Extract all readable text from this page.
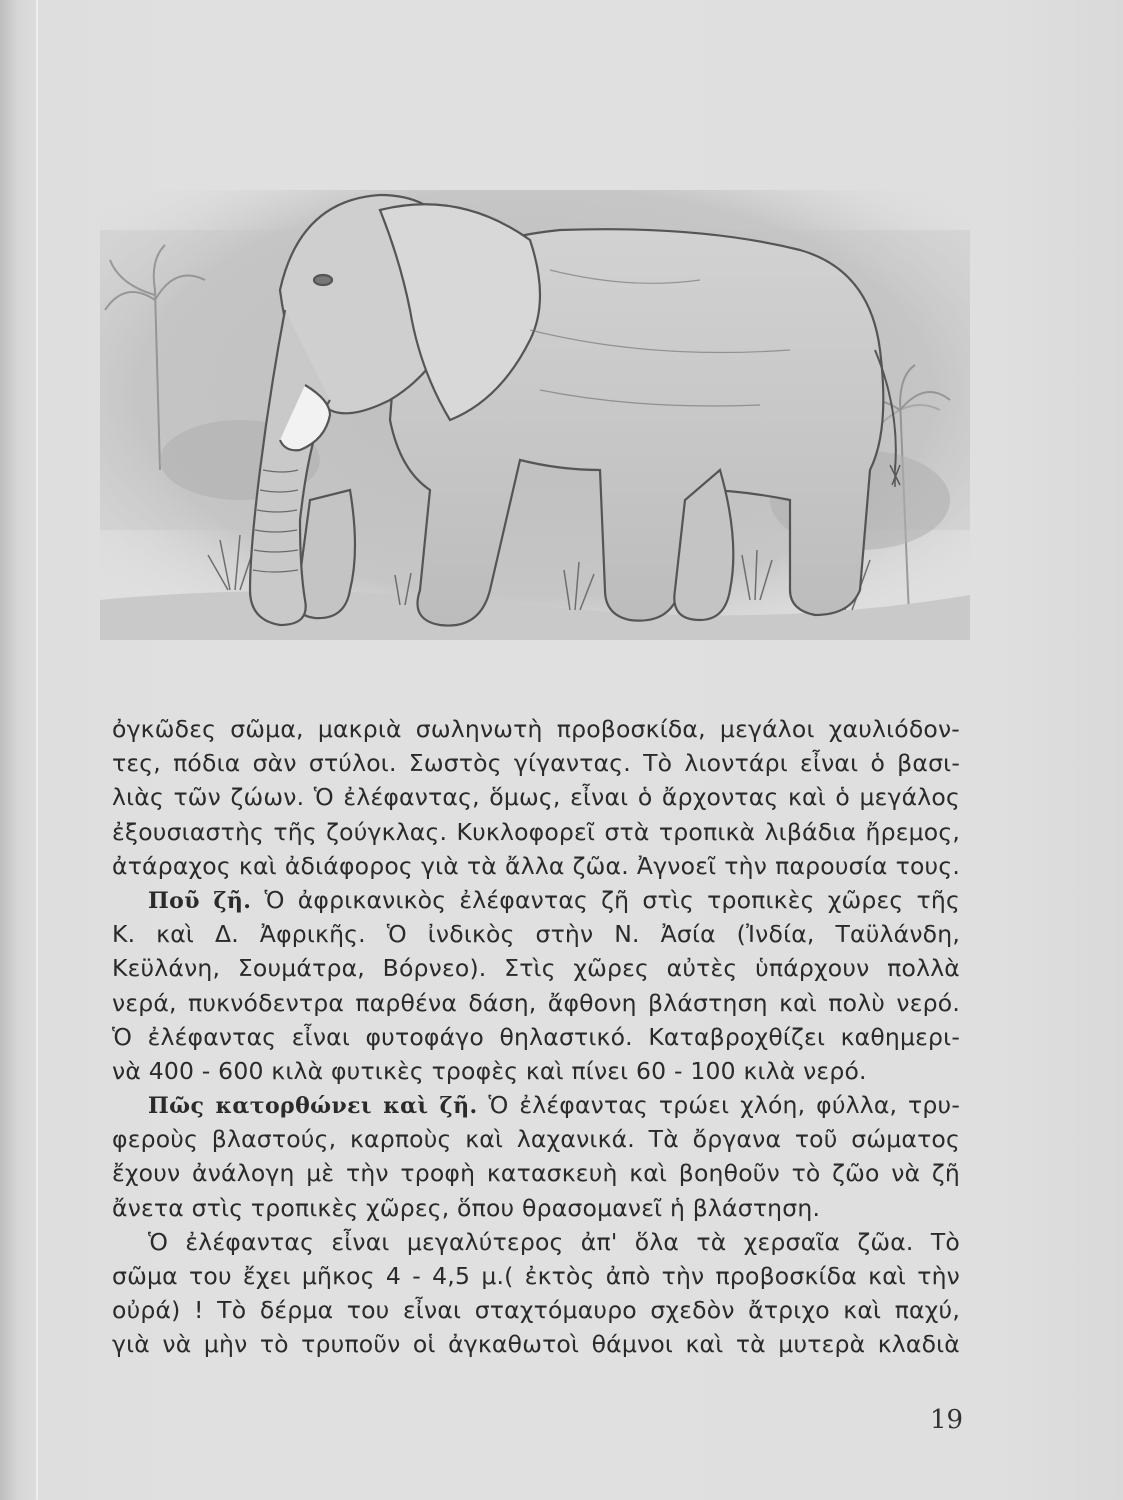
ὀγκῶδες σῶμα, μακριὰ σωληνωτὴ προβοσκίδα, μεγάλοι χαυλιόδον-
τες, πόδια σὰν στύλοι. Σωστὸς γίγαντας. Τὸ λιοντάρι εἶναι ὁ βασι-
λιὰς τῶν ζώων. Ὁ ἐλέφαντας, ὅμως, εἶναι ὁ ἄρχοντας καὶ ὁ μεγάλος
ἐξουσιαστὴς τῆς ζούγκλας. Κυκλοφορεῖ στὰ τροπικὰ λιβάδια ἤρεμος,
ἀτάραχος καὶ ἀδιάφορος γιὰ τὰ ἄλλα ζῶα. Ἀγνοεῖ τὴν παρουσία τους.
Ποῦ ζῆ. Ὁ ἀφρικανικὸς ἐλέφαντας ζῆ στὶς τροπικὲς χῶρες τῆς
Κ. καὶ Δ. Ἀφρικῆς. Ὁ ἰνδικὸς στὴν Ν. Ἀσία (Ἰνδία, Ταϋλάνδη,
Κεϋλάνη, Σουμάτρα, Βόρνεο). Στὶς χῶρες αὐτὲς ὑπάρχουν πολλὰ
νερά, πυκνόδεντρα παρθένα δάση, ἄφθονη βλάστηση καὶ πολὺ νερό.
Ὁ ἐλέφαντας εἶναι φυτοφάγο θηλαστικό. Καταβροχθίζει καθημερι-
νὰ 400 - 600 κιλὰ φυτικὲς τροφὲς καὶ πίνει 60 - 100 κιλὰ νερό.
Πῶς κατορθώνει καὶ ζῆ. Ὁ ἐλέφαντας τρώει χλόη, φύλλα, τρυ-
φεροὺς βλαστούς, καρποὺς καὶ λαχανικά. Τὰ ὄργανα τοῦ σώματος
ἔχουν ἀνάλογη μὲ τὴν τροφὴ κατασκευὴ καὶ βοηθοῦν τὸ ζῶο νὰ ζῆ
ἄνετα στὶς τροπικὲς χῶρες, ὅπου θρασομανεῖ ἡ βλάστηση.
Ὁ ἐλέφαντας εἶναι μεγαλύτερος ἀπ' ὅλα τὰ χερσαῖα ζῶα. Τὸ
σῶμα του ἔχει μῆκος 4 - 4,5 μ.( ἐκτὸς ἀπὸ τὴν προβοσκίδα καὶ τὴν
οὐρά) ! Τὸ δέρμα του εἶναι σταχτόμαυρο σχεδὸν ἄτριχο καὶ παχύ,
γιὰ νὰ μὴν τὸ τρυποῦν οἱ ἀγκαθωτοὶ θάμνοι καὶ τὰ μυτερὰ κλαδιὰ
19
